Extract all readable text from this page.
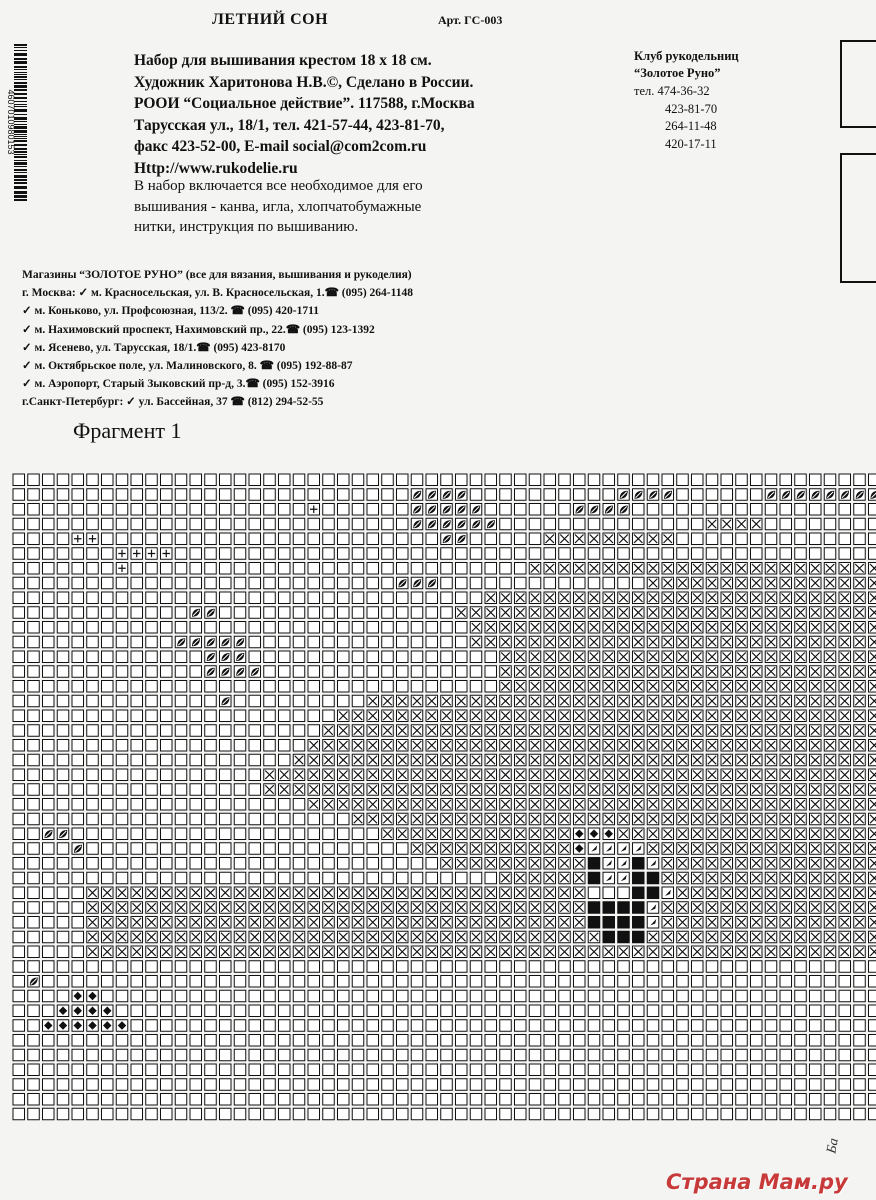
ЛЕТНИЙ СОН	Арт. ГС-003
4607010980153
Набор для вышивания крестом 18 х 18 см.
Художник Харитонова Н.В.©, Сделано в России.
РООИ “Социальное действие”. 117588, г.Москва
Тарусская ул., 18/1, тел. 421-57-44, 423-81-70,
факс 423-52-00, E-mail social@com2com.ru
Http://www.rukodelie.ru
В набор включается все необходимое для его
вышивания - канва, игла, хлопчатобумажные
нитки, инструкция по вышиванию.
Клуб рукодельниц
“Золотое Руно”
тел. 474-36-32
423-81-70
264-11-48
420-17-11
Магазины “ЗОЛОТОЕ РУНО” (все для вязания, вышивания и рукоделия)
г. Москва: ✓ м. Красносельская, ул. В. Красносельская, 1.☎ (095) 264-1148
✓ м. Коньково, ул. Профсоюзная, 113/2. ☎ (095) 420-1711
✓ м. Нахимовский проспект, Нахимовский пр., 22.☎ (095) 123-1392
✓ м. Ясенево, ул. Тарусская, 18/1.☎ (095) 423-8170
✓ м. Октябрьское поле, ул. Малиновского, 8. ☎ (095) 192-88-87
✓ м. Аэропорт, Старый Зыковский пр-д, 3.☎ (095) 152-3916
г.Санкт-Петербург: ✓ ул. Бассейная, 37 ☎ (812) 294-52-55
Фрагмент 1
Ба
Страна Мам.ру
